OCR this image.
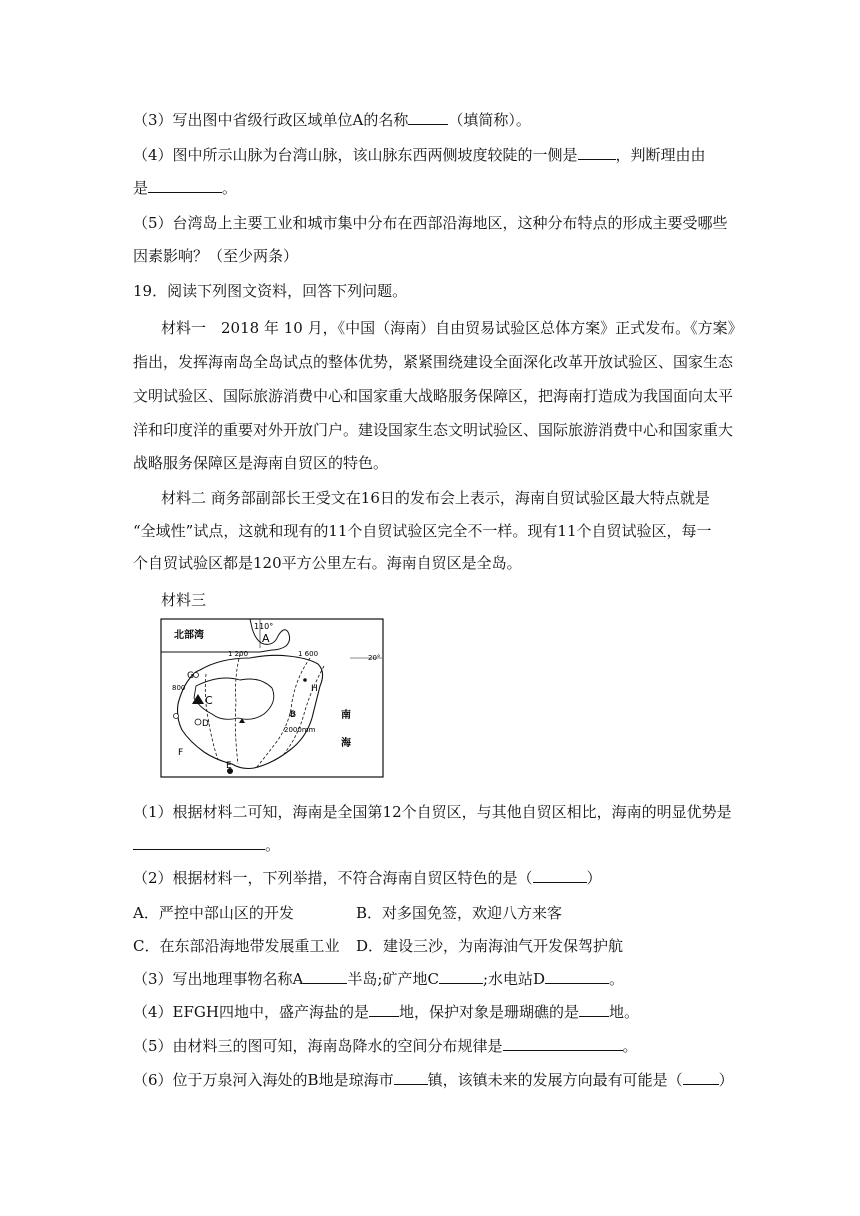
（3）写出图中省级行政区域单位A的名称	（填简称）。
（4）图中所示山脉为台湾山脉，该山脉东西两侧坡度较陡的一侧是	，判断理由由
是	。
（5）台湾岛上主要工业和城市集中分布在西部沿海地区，这种分布特点的形成主要受哪些
因素影响？（至少两条）
19．阅读下列图文资料，回答下列问题。
材料一　2018 年 10 月，《中国（海南）自由贸易试验区总体方案》正式发布。《方案》
指出，发挥海南岛全岛试点的整体优势，紧紧围绕建设全面深化改革开放试验区、国家生态
文明试验区、国际旅游消费中心和国家重大战略服务保障区，把海南打造成为我国面向太平
洋和印度洋的重要对外开放门户。建设国家生态文明试验区、国际旅游消费中心和国家重大
战略服务保障区是海南自贸区的特色。
材料二 商务部副部长王受文在16日的发布会上表示，海南自贸试验区最大特点就是
“全域性”试点，这就和现有的11个自贸试验区完全不一样。现有11个自贸试验区，每一
个自贸试验区都是120平方公里左右。海南自贸区是全岛。
材料三
北部湾
110°
A
20°
1 200	1 600
800
2000mm
南
海
G
C
D
F
E
H
B
（1）根据材料二可知，海南是全国第12个自贸区，与其他自贸区相比，海南的明显优势是
。
（2）根据材料一，下列举措，不符合海南自贸区特色的是（	）
A．严控中部山区的开发	B．对多国免签，欢迎八方来客
C．在东部沿海地带发展重工业 D．建设三沙，为南海油气开发保驾护航
（3）写出地理事物名称A	半岛;矿产地C	;水电站D	。
（4）EFGH四地中，盛产海盐的是 地，保护对象是珊瑚礁的是 地。
（5）由材料三的图可知，海南岛降水的空间分布规律是	。
（6）位于万泉河入海处的B地是琼海市 镇，该镇未来的发展方向最有可能是（ ）
